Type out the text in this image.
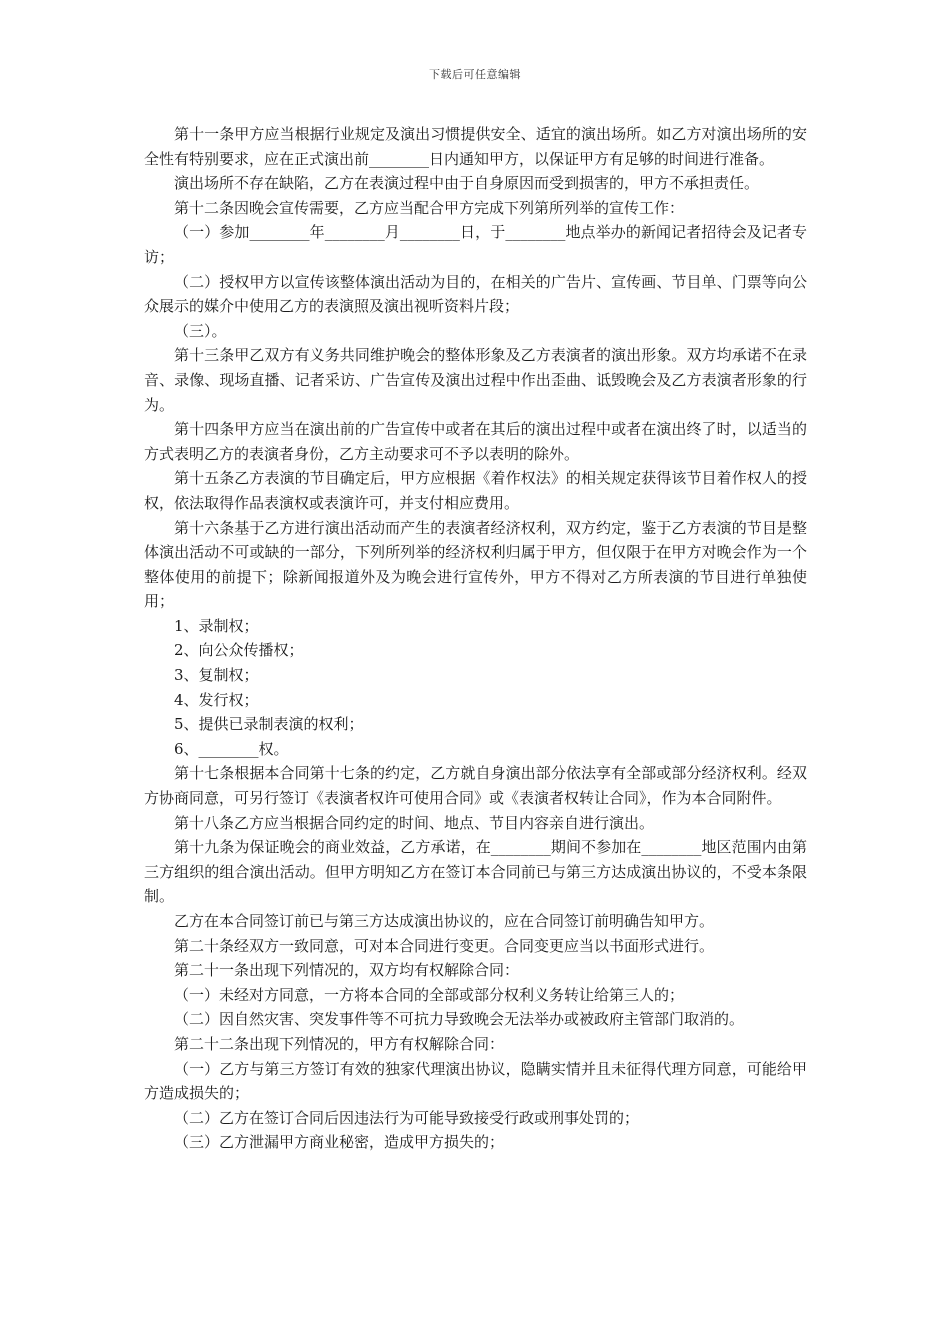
下载后可任意编辑

第十一条甲方应当根据行业规定及演出习惯提供安全、适宜的演出场所。如乙方对演出场所的安全性有特别要求，应在正式演出前________日内通知甲方，以保证甲方有足够的时间进行准备。

演出场所不存在缺陷，乙方在表演过程中由于自身原因而受到损害的，甲方不承担责任。

第十二条因晚会宣传需要，乙方应当配合甲方完成下列第所列举的宣传工作：

（一）参加________年________月________日，于________地点举办的新闻记者招待会及记者专访；

（二）授权甲方以宣传该整体演出活动为目的，在相关的广告片、宣传画、节目单、门票等向公众展示的媒介中使用乙方的表演照及演出视听资料片段；

（三）。

第十三条甲乙双方有义务共同维护晚会的整体形象及乙方表演者的演出形象。双方均承诺不在录音、录像、现场直播、记者采访、广告宣传及演出过程中作出歪曲、诋毁晚会及乙方表演者形象的行为。

第十四条甲方应当在演出前的广告宣传中或者在其后的演出过程中或者在演出终了时，以适当的方式表明乙方的表演者身份，乙方主动要求可不予以表明的除外。

第十五条乙方表演的节目确定后，甲方应根据《着作权法》的相关规定获得该节目着作权人的授权，依法取得作品表演权或表演许可，并支付相应费用。

第十六条基于乙方进行演出活动而产生的表演者经济权利，双方约定，鉴于乙方表演的节目是整体演出活动不可或缺的一部分，下列所列举的经济权利归属于甲方，但仅限于在甲方对晚会作为一个整体使用的前提下；除新闻报道外及为晚会进行宣传外，甲方不得对乙方所表演的节目进行单独使用；

1、录制权；

2、向公众传播权；

3、复制权；

4、发行权；

5、提供已录制表演的权利；

6、________权。

第十七条根据本合同第十七条的约定，乙方就自身演出部分依法享有全部或部分经济权利。经双方协商同意，可另行签订《表演者权许可使用合同》或《表演者权转让合同》，作为本合同附件。

第十八条乙方应当根据合同约定的时间、地点、节目内容亲自进行演出。

第十九条为保证晚会的商业效益，乙方承诺，在________期间不参加在________地区范围内由第三方组织的组合演出活动。但甲方明知乙方在签订本合同前已与第三方达成演出协议的，不受本条限制。

乙方在本合同签订前已与第三方达成演出协议的，应在合同签订前明确告知甲方。

第二十条经双方一致同意，可对本合同进行变更。合同变更应当以书面形式进行。

第二十一条出现下列情况的，双方均有权解除合同：

（一）未经对方同意，一方将本合同的全部或部分权利义务转让给第三人的；

（二）因自然灾害、突发事件等不可抗力导致晚会无法举办或被政府主管部门取消的。

第二十二条出现下列情况的，甲方有权解除合同：

（一）乙方与第三方签订有效的独家代理演出协议，隐瞒实情并且未征得代理方同意，可能给甲方造成损失的；

（二）乙方在签订合同后因违法行为可能导致接受行政或刑事处罚的；

（三）乙方泄漏甲方商业秘密，造成甲方损失的；
